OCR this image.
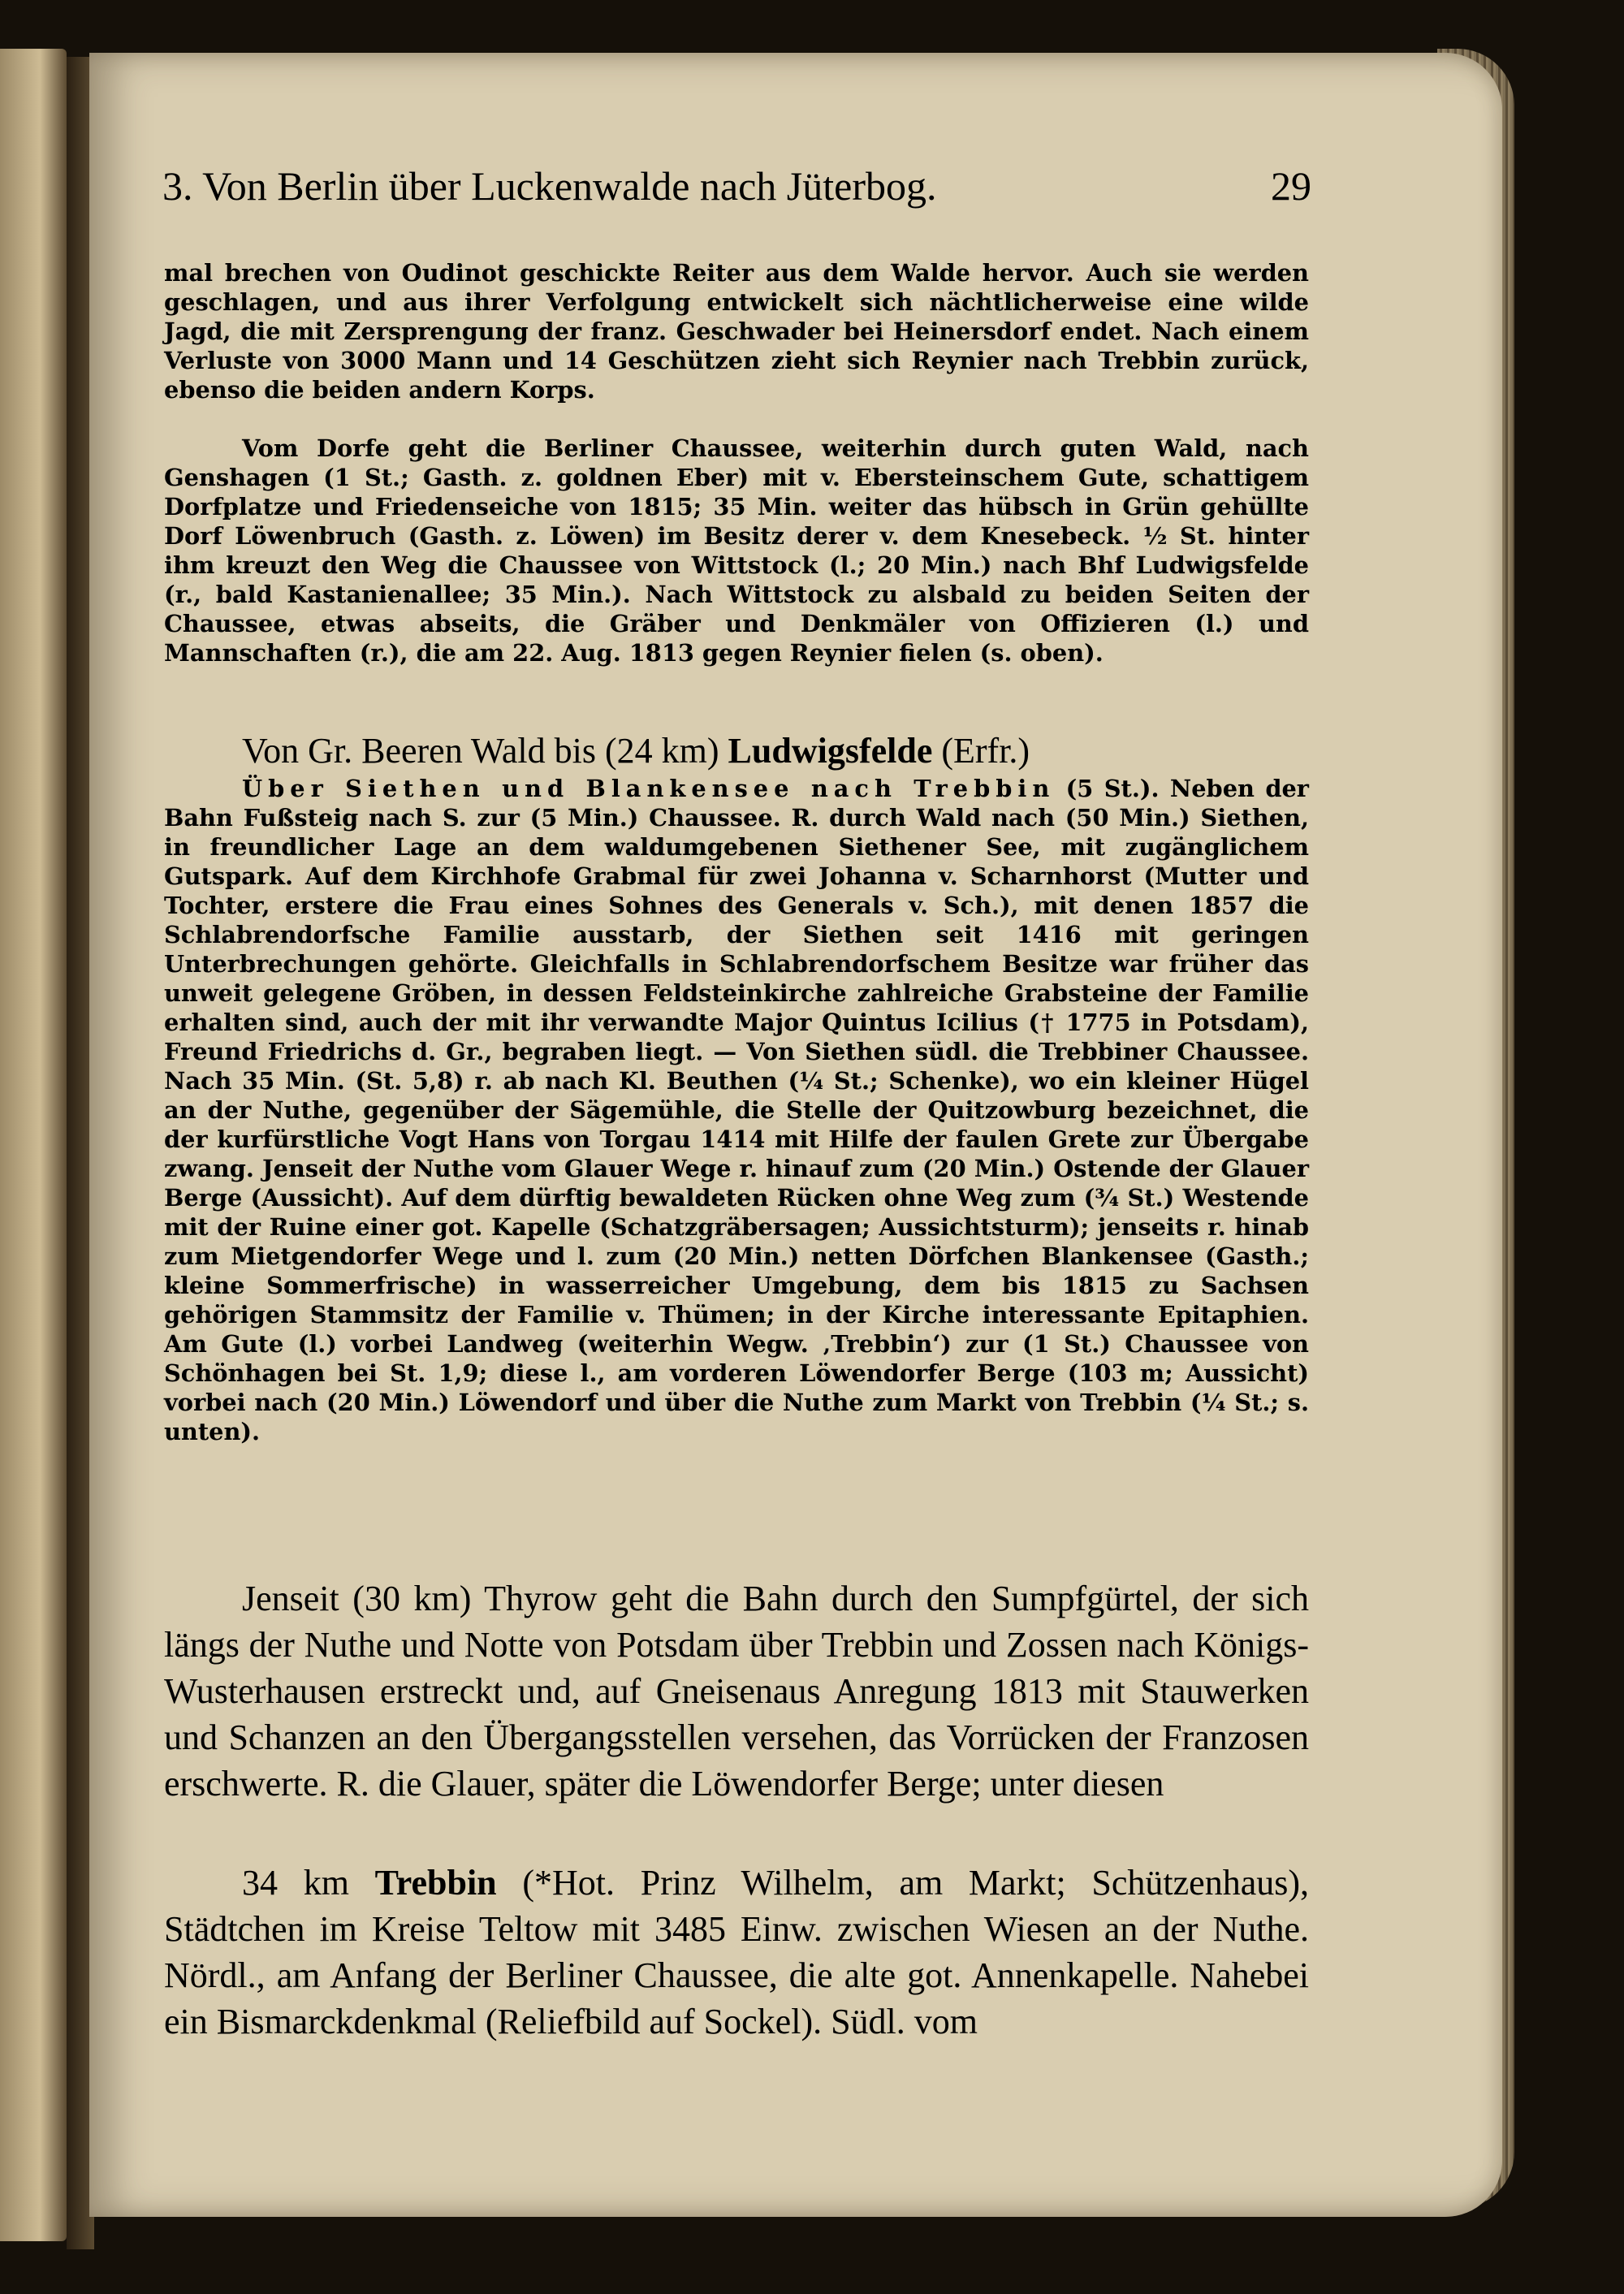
3. Von Berlin über Luckenwalde nach Jüterbog.	29
mal brechen von Oudinot geschickte Reiter aus dem Walde hervor. Auch sie werden geschlagen, und aus ihrer Verfolgung entwickelt sich nächtlicherweise eine wilde Jagd, die mit Zersprengung der franz. Geschwader bei Heinersdorf endet. Nach einem Verluste von 3000 Mann und 14 Geschützen zieht sich Reynier nach Trebbin zurück, ebenso die beiden andern Korps.
Vom Dorfe geht die Berliner Chaussee, weiterhin durch guten Wald, nach Genshagen (1 St.; Gasth. z. goldnen Eber) mit v. Ebersteinschem Gute, schattigem Dorfplatze und Friedenseiche von 1815; 35 Min. weiter das hübsch in Grün gehüllte Dorf Löwenbruch (Gasth. z. Löwen) im Besitz derer v. dem Knesebeck. ½ St. hinter ihm kreuzt den Weg die Chaussee von Wittstock (l.; 20 Min.) nach Bhf Ludwigsfelde (r., bald Kastanienallee; 35 Min.). Nach Wittstock zu alsbald zu beiden Seiten der Chaussee, etwas abseits, die Gräber und Denkmäler von Offizieren (l.) und Mannschaften (r.), die am 22. Aug. 1813 gegen Reynier fielen (s. oben).
Von Gr. Beeren Wald bis (24 km) Ludwigsfelde (Erfr.)
Über Siethen und Blankensee nach Trebbin (5 St.). Neben der Bahn Fußsteig nach S. zur (5 Min.) Chaussee. R. durch Wald nach (50 Min.) Siethen, in freundlicher Lage an dem waldumgebenen Siethener See, mit zugänglichem Gutspark. Auf dem Kirchhofe Grabmal für zwei Johanna v. Scharnhorst (Mutter und Tochter, erstere die Frau eines Sohnes des Generals v. Sch.), mit denen 1857 die Schlabrendorfsche Familie ausstarb, der Siethen seit 1416 mit geringen Unterbrechungen gehörte. Gleichfalls in Schlabrendorfschem Besitze war früher das unweit gelegene Gröben, in dessen Feldsteinkirche zahlreiche Grabsteine der Familie erhalten sind, auch der mit ihr verwandte Major Quintus Icilius († 1775 in Potsdam), Freund Friedrichs d. Gr., begraben liegt. — Von Siethen südl. die Trebbiner Chaussee. Nach 35 Min. (St. 5,8) r. ab nach Kl. Beuthen (¼ St.; Schenke), wo ein kleiner Hügel an der Nuthe, gegenüber der Sägemühle, die Stelle der Quitzowburg bezeichnet, die der kurfürstliche Vogt Hans von Torgau 1414 mit Hilfe der faulen Grete zur Übergabe zwang. Jenseit der Nuthe vom Glauer Wege r. hinauf zum (20 Min.) Ostende der Glauer Berge (Aussicht). Auf dem dürftig bewaldeten Rücken ohne Weg zum (¾ St.) Westende mit der Ruine einer got. Kapelle (Schatzgräbersagen; Aussichtsturm); jenseits r. hinab zum Mietgendorfer Wege und l. zum (20 Min.) netten Dörfchen Blankensee (Gasth.; kleine Sommerfrische) in wasserreicher Umgebung, dem bis 1815 zu Sachsen gehörigen Stammsitz der Familie v. Thümen; in der Kirche interessante Epitaphien. Am Gute (l.) vorbei Landweg (weiterhin Wegw. ‚Trebbin‘) zur (1 St.) Chaussee von Schönhagen bei St. 1,9; diese l., am vorderen Löwendorfer Berge (103 m; Aussicht) vorbei nach (20 Min.) Löwendorf und über die Nuthe zum Markt von Trebbin (¼ St.; s. unten).
Jenseit (30 km) Thyrow geht die Bahn durch den Sumpfgürtel, der sich längs der Nuthe und Notte von Potsdam über Trebbin und Zossen nach Königs-Wusterhausen erstreckt und, auf Gneisenaus Anregung 1813 mit Stauwerken und Schanzen an den Übergangsstellen versehen, das Vorrücken der Franzosen erschwerte. R. die Glauer, später die Löwendorfer Berge; unter diesen
34 km Trebbin (*Hot. Prinz Wilhelm, am Markt; Schützenhaus), Städtchen im Kreise Teltow mit 3485 Einw. zwischen Wiesen an der Nuthe. Nördl., am Anfang der Berliner Chaussee, die alte got. Annenkapelle. Nahebei ein Bismarckdenkmal (Reliefbild auf Sockel). Südl. vom
